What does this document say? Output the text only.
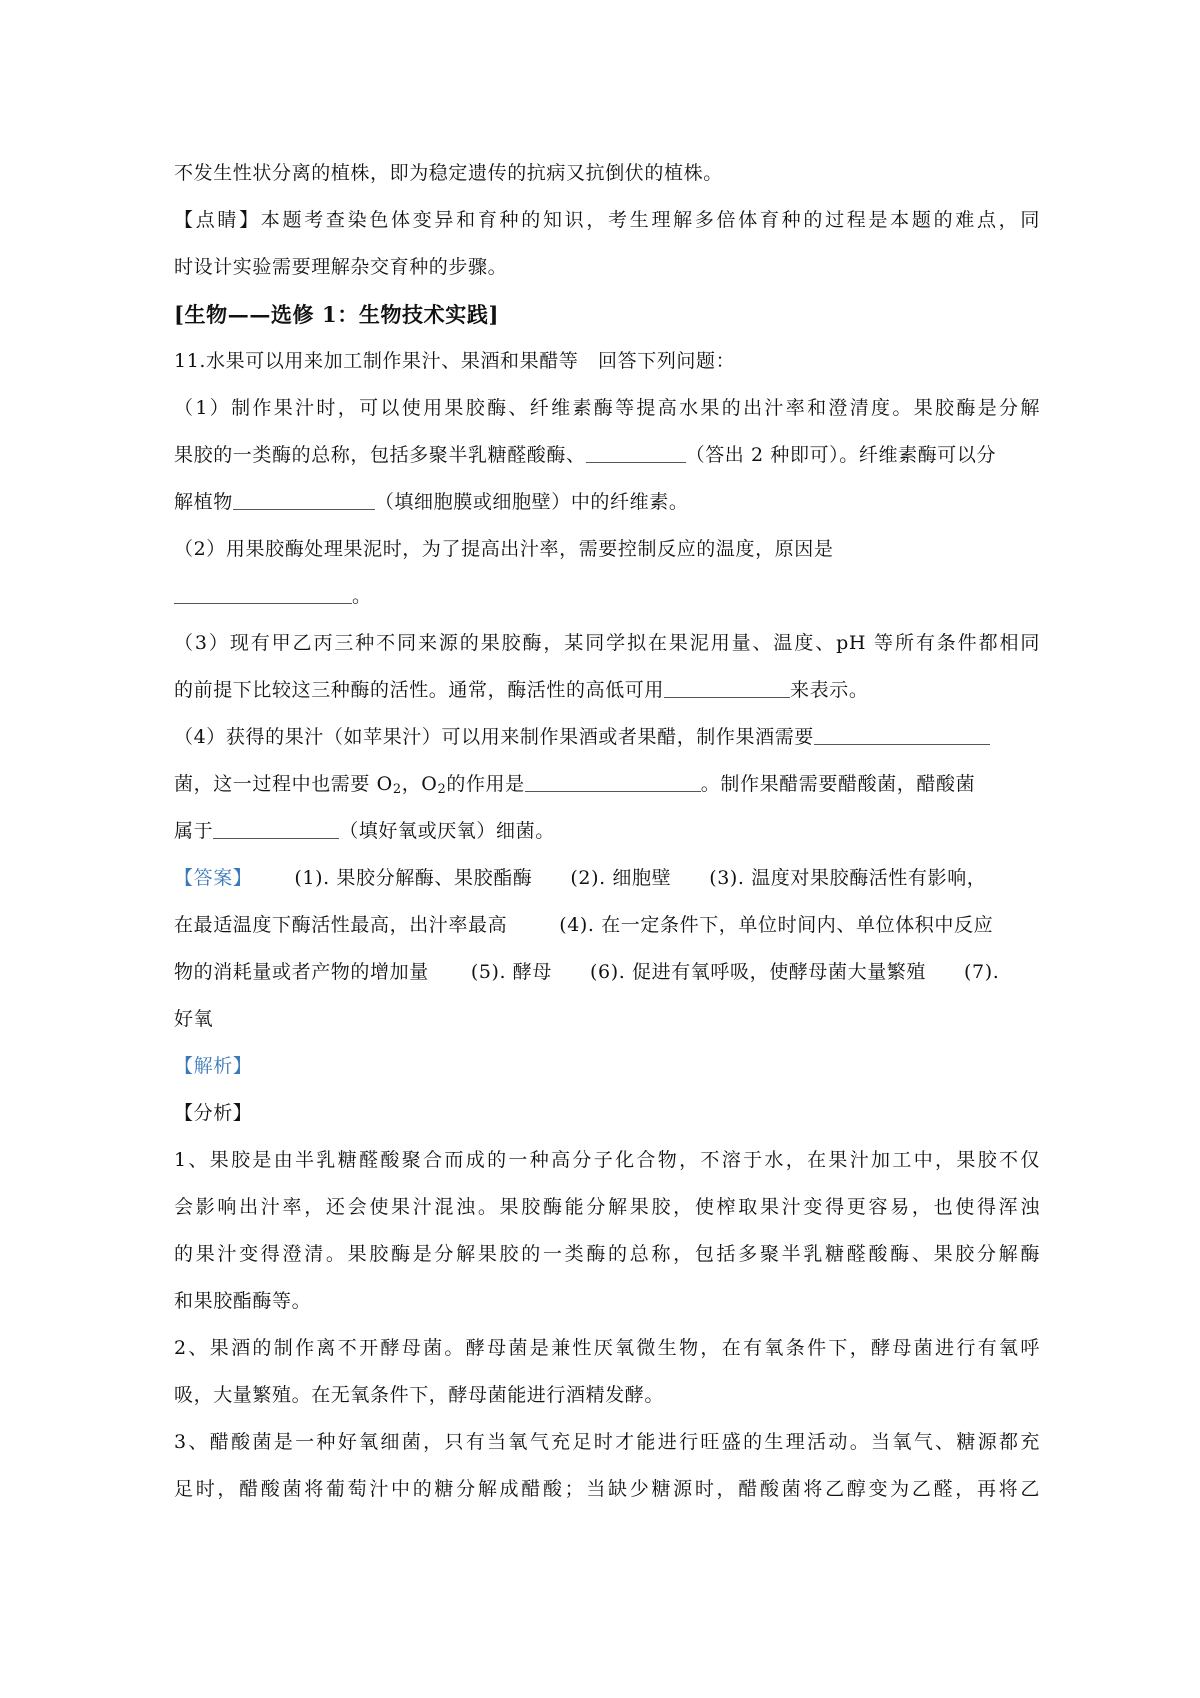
不发生性状分离的植株，即为稳定遗传的抗病又抗倒伏的植株。
【点睛】本题考查染色体变异和育种的知识，考生理解多倍体育种的过程是本题的难点，同
时设计实验需要理解杂交育种的步骤。
[生物——选修 1：生物技术实践]
11.水果可以用来加工制作果汁、果酒和果醋等　回答下列问题：
（1）制作果汁时，可以使用果胶酶、纤维素酶等提高水果的出汁率和澄清度。果胶酶是分解
果胶的一类酶的总称，包括多聚半乳糖醛酸酶、	（答出 2 种即可）。纤维素酶可以分
解植物	（填细胞膜或细胞壁）中的纤维素。
（2）用果胶酶处理果泥时，为了提高出汁率，需要控制反应的温度，原因是
。
（3）现有甲乙丙三种不同来源的果胶酶，某同学拟在果泥用量、温度、pH 等所有条件都相同
的前提下比较这三种酶的活性。通常，酶活性的高低可用	来表示。
（4）获得的果汁（如苹果汁）可以用来制作果酒或者果醋，制作果酒需要
菌，这一过程中也需要 $O_2$，$O_2$的作用是	。制作果醋需要醋酸菌，醋酸菌
属于	（填好氧或厌氧）细菌。
【答案】 (1). 果胶分解酶、果胶酯酶 (2). 细胞壁 (3). 温度对果胶酶活性有影响，
在最适温度下酶活性最高，出汁率最高	(4). 在一定条件下，单位时间内、单位体积中反应
物的消耗量或者产物的增加量 (5). 酵母 (6). 促进有氧呼吸，使酵母菌大量繁殖 (7).
好氧
【解析】
【分析】
1、果胶是由半乳糖醛酸聚合而成的一种高分子化合物，不溶于水，在果汁加工中，果胶不仅
会影响出汁率，还会使果汁混浊。果胶酶能分解果胶，使榨取果汁变得更容易，也使得浑浊
的果汁变得澄清。果胶酶是分解果胶的一类酶的总称，包括多聚半乳糖醛酸酶、果胶分解酶
和果胶酯酶等。
2、果酒的制作离不开酵母菌。酵母菌是兼性厌氧微生物，在有氧条件下，酵母菌进行有氧呼
吸，大量繁殖。在无氧条件下，酵母菌能进行酒精发酵。
3、醋酸菌是一种好氧细菌，只有当氧气充足时才能进行旺盛的生理活动。当氧气、糖源都充
足时，醋酸菌将葡萄汁中的糖分解成醋酸；当缺少糖源时，醋酸菌将乙醇变为乙醛，再将乙
